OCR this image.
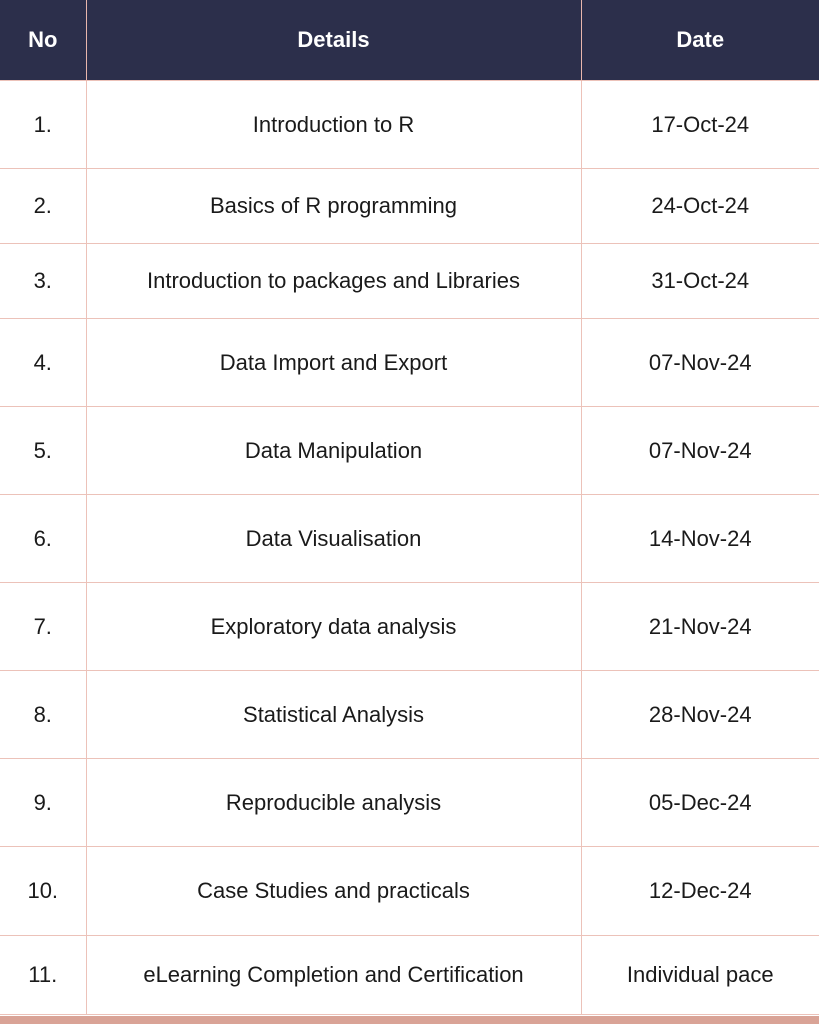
No	Details	Date
1.	Introduction to R	17-Oct-24
2.	Basics of R programming	24-Oct-24
3.	Introduction to packages and Libraries	31-Oct-24
4.	Data Import and Export	07-Nov-24
5.	Data Manipulation	07-Nov-24
6.	Data Visualisation	14-Nov-24
7.	Exploratory data analysis	21-Nov-24
8.	Statistical Analysis	28-Nov-24
9.	Reproducible analysis	05-Dec-24
10.	Case Studies and practicals	12-Dec-24
11.	eLearning Completion and Certification	Individual pace
